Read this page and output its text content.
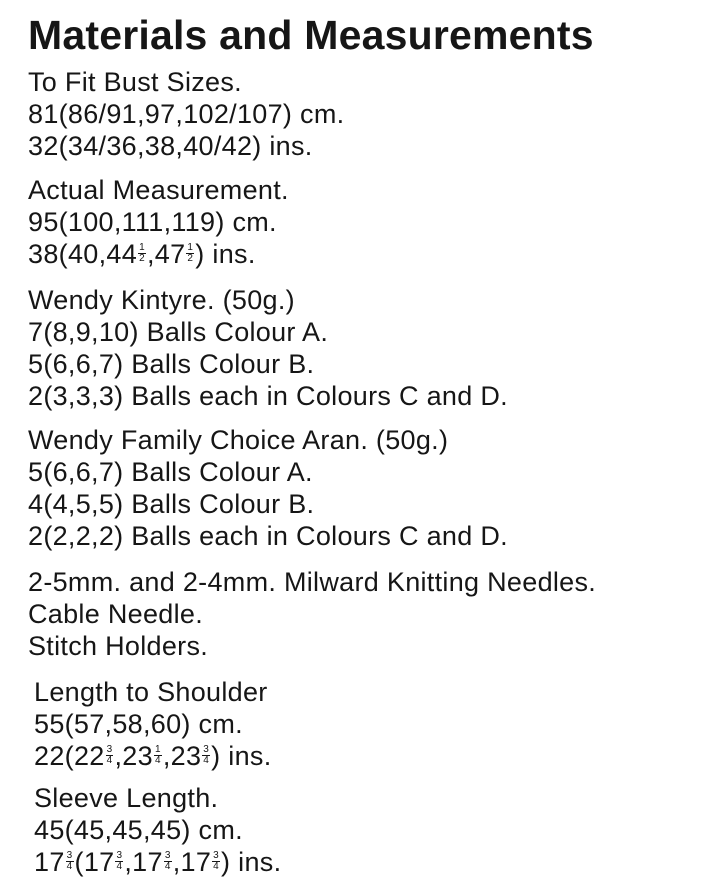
Materials and Measurements
To Fit Bust Sizes.
81(86/91,97,102/107) cm.
32(34/36,38,40/42) ins.
Actual Measurement.
95(100,111,119) cm.
$38(40,44 \frac{1}{2} ,47 \frac{1}{2}$ ) ins.
Wendy Kintyre. (50g.)
7(8,9,10) Balls Colour A.
5(6,6,7) Balls Colour B.
2(3,3,3) Balls each in Colours C and D.
Wendy Family Choice Aran. (50g.)
5(6,6,7) Balls Colour A.
4(4,5,5) Balls Colour B.
2(2,2,2) Balls each in Colours C and D.
2-5mm. and 2-4mm. Milward Knitting Needles.
Cable Needle.
Stitch Holders.
Length to Shoulder
55(57,58,60) cm.
$22(22 \frac{3}{4} ,23 \frac{1}{4} ,23 \frac{3}{4}$ ) ins.
Sleeve Length.
45(45,45,45) cm.
$17 \frac{3}{4} (17 \frac{3}{4} ,17 \frac{3}{4} ,17 \frac{3}{4}$ ) ins.
